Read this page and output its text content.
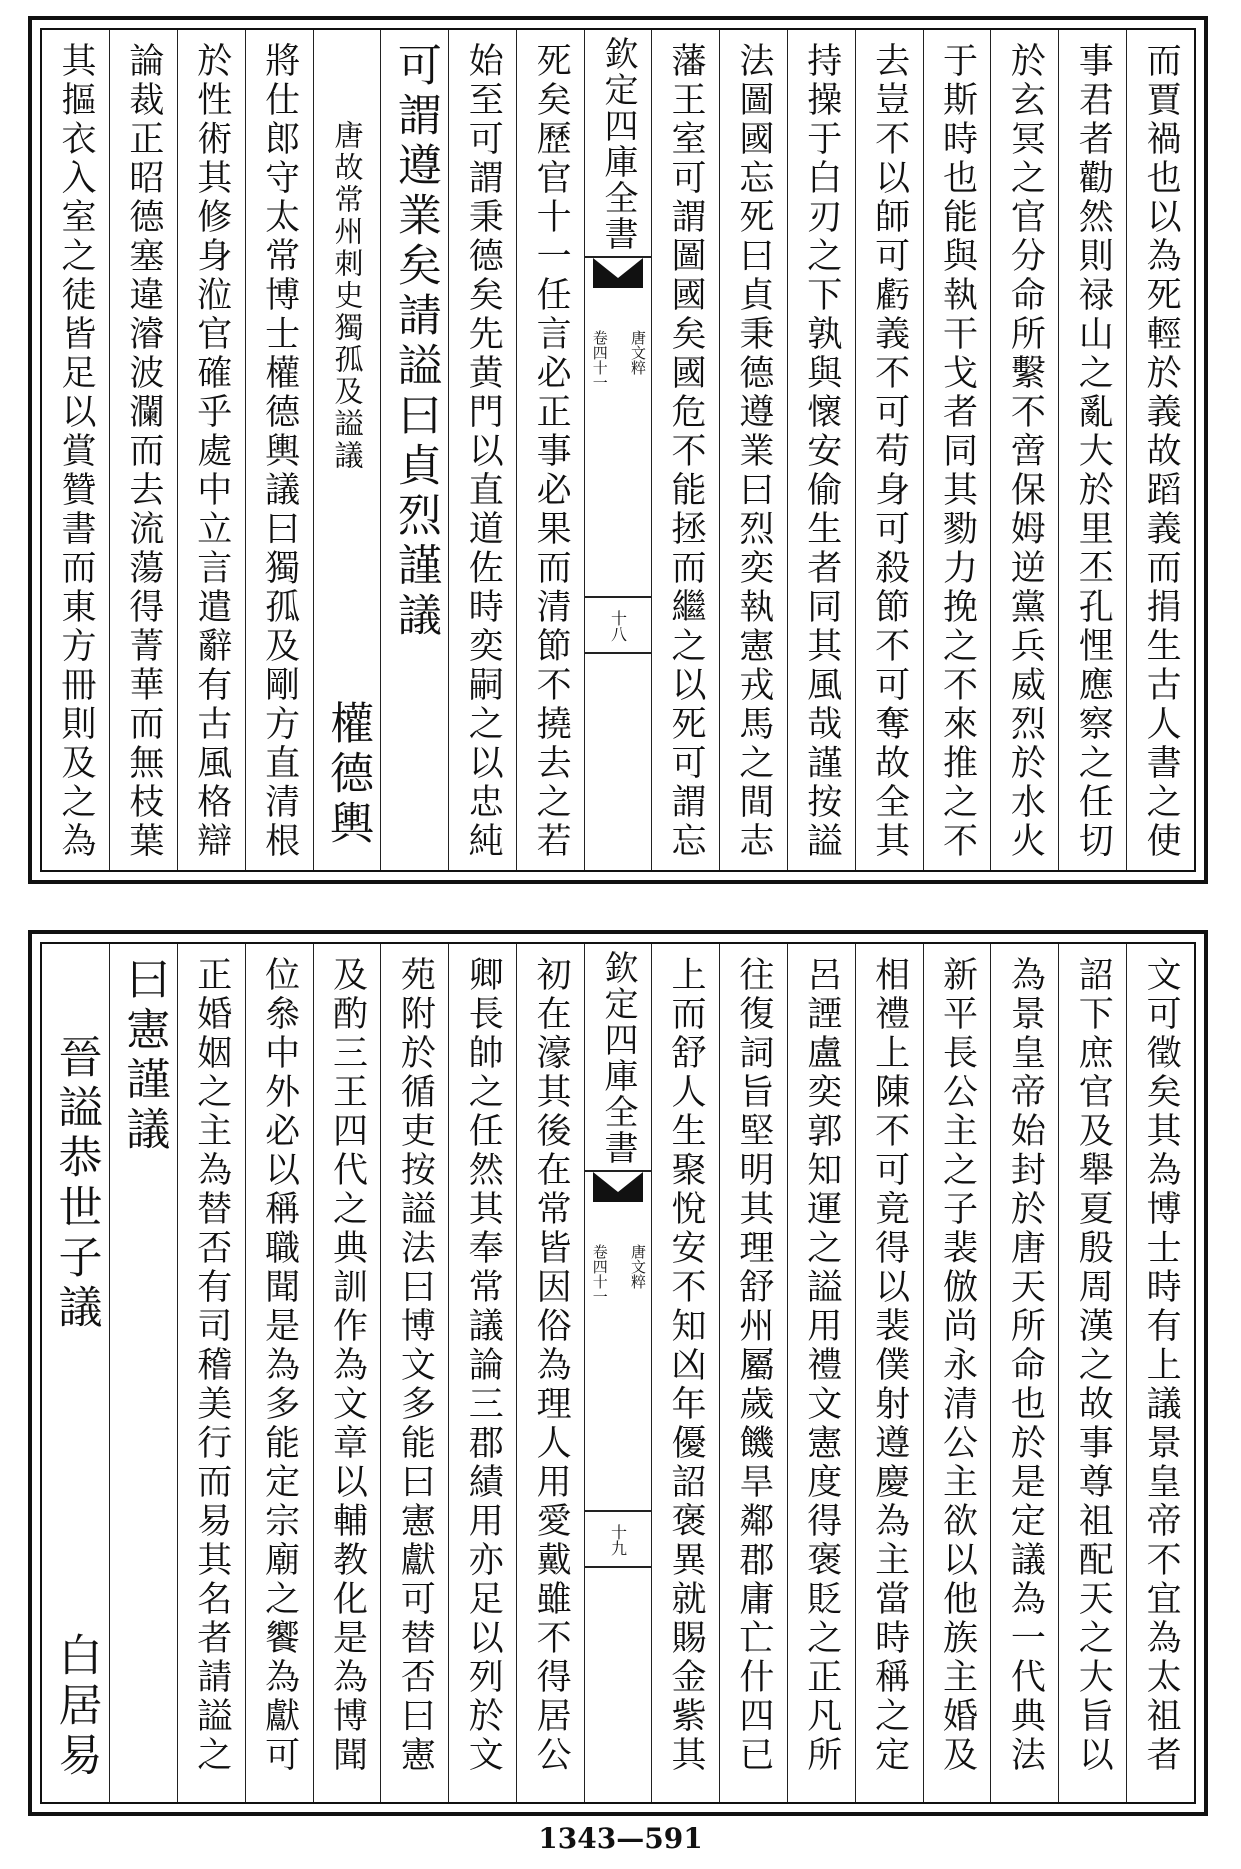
而賈禍也以為死輕於義故蹈義而捐生古人書之使
事君者勸然則禄山之亂大於里丕孔悝應察之任切
於玄冥之官分命所繫不啻保姆逆黨兵威烈於水火
于斯時也能與執干戈者同其勠力挽之不來推之不
去豈不以師可虧義不可苟身可殺節不可奪故全其
持操于白刃之下孰與懷安偷生者同其風哉謹按謚
法圖國忘死曰貞秉德遵業曰烈奕執憲戎馬之間志
藩王室可謂圖國矣國危不能拯而繼之以死可謂忘
欽定四庫全書
唐文粹
卷四十一
十八
死矣歷官十一任言必正事必果而清節不撓去之若
始至可謂秉德矣先黄門以直道佐時奕嗣之以忠純
可謂遵業矣請謚曰貞烈謹議
唐故常州刺史獨孤及謚議
權德輿
將仕郎守太常博士權德輿議曰獨孤及剛方直清根
於性術其修身涖官確乎處中立言遣辭有古風格辯
論裁正昭德塞違濬波瀾而去流蕩得菁華而無枝葉
其摳衣入室之徒皆足以賞贊書而東方冊則及之為
文可徵矣其為博士時有上議景皇帝不宜為太祖者
詔下庶官及舉夏殷周漢之故事尊祖配天之大旨以
為景皇帝始封於唐天所命也於是定議為一代典法
新平長公主之子裴倣尚永清公主欲以他族主婚及
相禮上陳不可竟得以裴僕射遵慶為主當時稱之定
呂諲盧奕郭知運之謚用禮文憲度得褒貶之正凡所
往復詞旨堅明其理舒州屬歲饑旱鄰郡庸亡什四已
上而舒人生聚悅安不知凶年優詔褒異就賜金紫其
欽定四庫全書
唐文粹
卷四十一
十九
初在濠其後在常皆因俗為理人用愛戴雖不得居公
卿長帥之任然其奉常議論三郡績用亦足以列於文
苑附於循吏按謚法曰博文多能曰憲獻可替否曰憲
及酌三王四代之典訓作為文章以輔教化是為博聞
位叅中外必以稱職聞是為多能定宗廟之饗為獻可
正婚姻之主為替否有司稽美行而易其名者請謚之
曰憲謹議
晉謚恭世子議
白居易
1343—591
